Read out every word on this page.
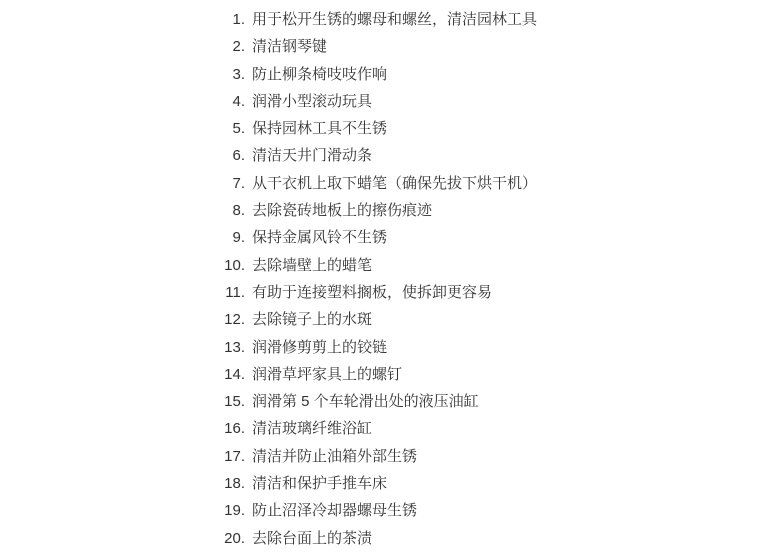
1. 用于松开生锈的螺母和螺丝，清洁园林工具
2. 清洁钢琴键
3. 防止柳条椅吱吱作响
4. 润滑小型滚动玩具
5. 保持园林工具不生锈
6. 清洁天井门滑动条
7. 从干衣机上取下蜡笔（确保先拔下烘干机）
8. 去除瓷砖地板上的擦伤痕迹
9. 保持金属风铃不生锈
10. 去除墙壁上的蜡笔
11. 有助于连接塑料搁板，使拆卸更容易
12. 去除镜子上的水斑
13. 润滑修剪剪上的铰链
14. 润滑草坪家具上的螺钉
15. 润滑第 5 个车轮滑出处的液压油缸
16. 清洁玻璃纤维浴缸
17. 清洁并防止油箱外部生锈
18. 清洁和保护手推车床
19. 防止沼泽冷却器螺母生锈
20. 去除台面上的茶渍
